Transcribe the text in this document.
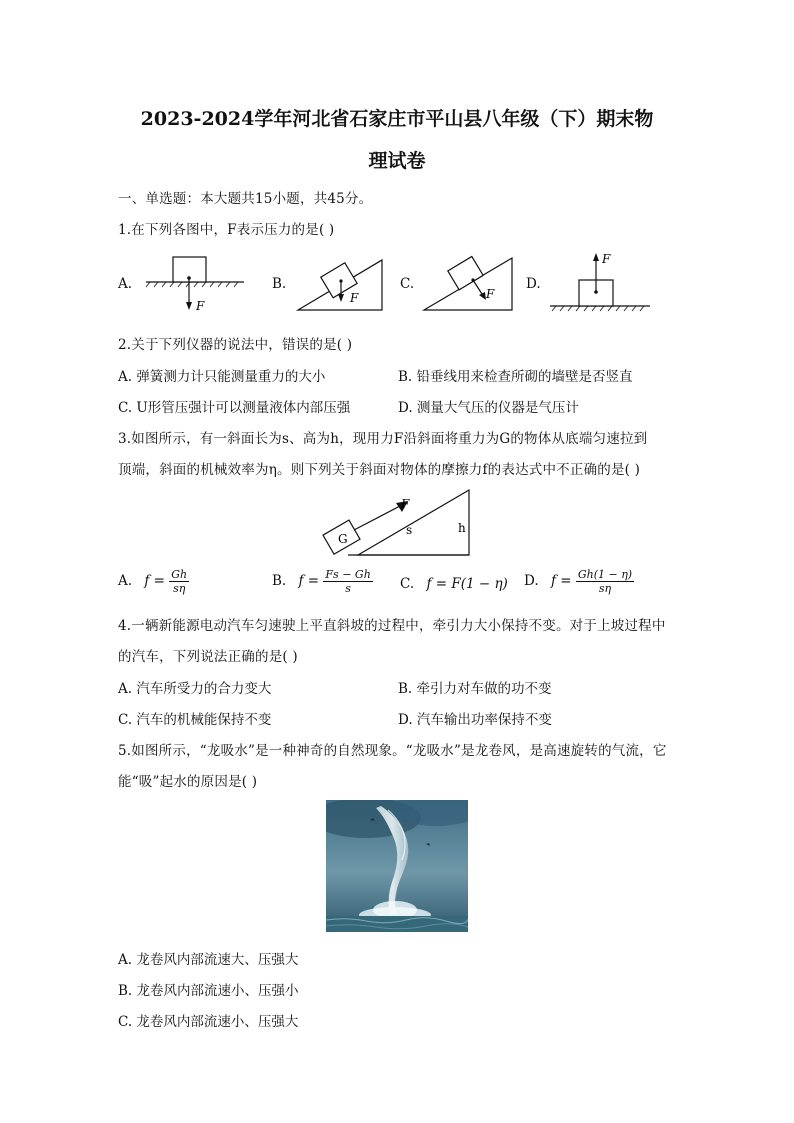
2023-2024学年河北省石家庄市平山县八年级（下）期末物
理试卷
一、单选题：本大题共15小题，共45分。
1.在下列各图中，F表示压力的是( )
A.
F
B.
F
C.
F
D.
F
2.关于下列仪器的说法中，错误的是( )
A. 弹簧测力计只能测量重力的大小	B. 铅垂线用来检查所砌的墙壁是否竖直
C. U形管压强计可以测量液体内部压强	D. 测量大气压的仪器是气压计
3.如图所示，有一斜面长为s、高为h，现用力F沿斜面将重力为G的物体从底端匀速拉到
顶端，斜面的机械效率为η。则下列关于斜面对物体的摩擦力f的表达式中不正确的是( )
G
F
s	h
A. $f = \frac{Gh}{s\eta}$	B. $f = \frac{Fs - Gh}{s} C$. f = F(1 − η) D. $f = \frac{Gh(1 - \eta)}{s\eta}$
4.一辆新能源电动汽车匀速驶上平直斜坡的过程中，牵引力大小保持不变。对于上坡过程中
的汽车，下列说法正确的是( )
A. 汽车所受力的合力变大	B. 牵引力对车做的功不变
C. 汽车的机械能保持不变	D. 汽车输出功率保持不变
5.如图所示，“龙吸水”是一种神奇的自然现象。“龙吸水”是龙卷风，是高速旋转的气流，它
能“吸”起水的原因是( )
A. 龙卷风内部流速大、压强大
B. 龙卷风内部流速小、压强小
C. 龙卷风内部流速小、压强大
